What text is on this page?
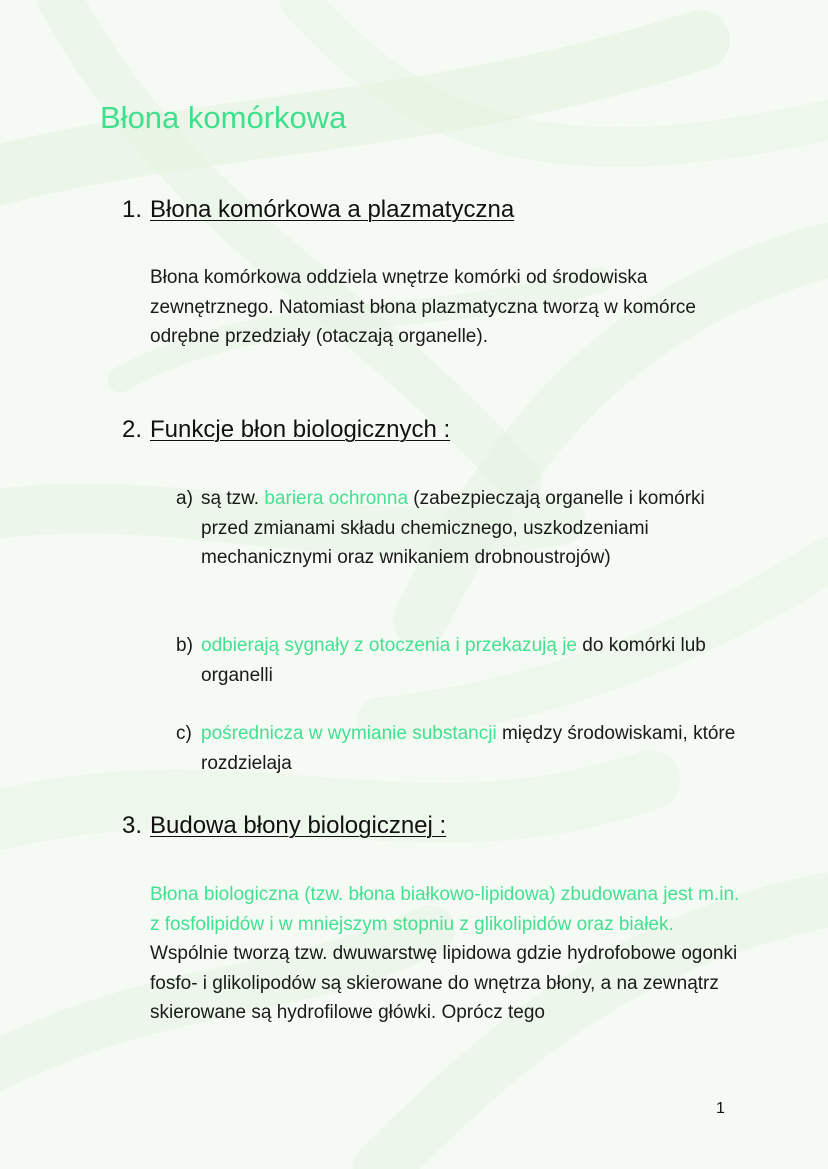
Błona komórkowa
1. Błona komórkowa a plazmatyczna

Błona komórkowa oddziela wnętrze komórki od środowiska zewnętrznego. Natomiast błona plazmatyczna tworzą w komórce odrębne przedziały (otaczają organelle).

2. Funkcje błon biologicznych :
a) są tzw. bariera ochronna (zabezpieczają organelle i komórki przed zmianami składu chemicznego, uszkodzeniami mechanicznymi oraz wnikaniem drobnoustrojów)
b) odbierają sygnały z otoczenia i przekazują je do komórki lub organelli
c) pośrednicza w wymianie substancji między środowiskami, które rozdzielaja
3. Budowa błony biologicznej :

Błona biologiczna (tzw. błona białkowo-lipidowa) zbudowana jest m.in. z fosfolipidów i w mniejszym stopniu z glikolipidów oraz białek. Wspólnie tworzą tzw. dwuwarstwę lipidowa gdzie hydrofobowe ogonki fosfo- i glikolipodów są skierowane do wnętrza błony, a na zewnątrz skierowane są hydrofilowe główki. Oprócz tego

1
